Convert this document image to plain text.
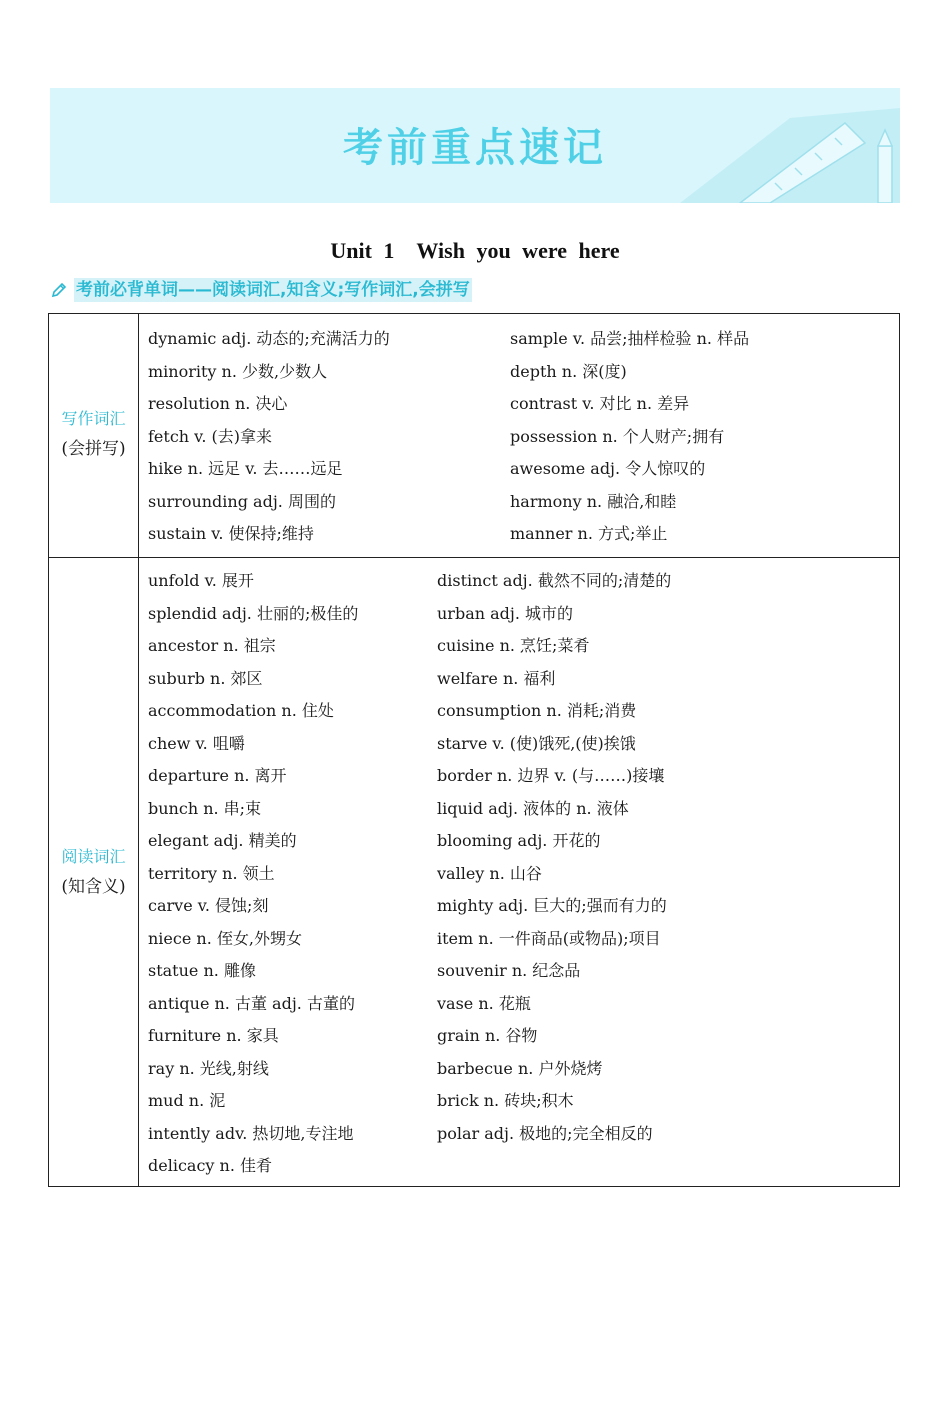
考前重点速记
Unit 1　Wish you were here
考前必背单词——阅读词汇,知含义;写作词汇,会拼写
写作词汇
(会拼写)
阅读词汇
(知含义)
dynamic adj. 动态的;充满活力的
minority n. 少数,少数人
resolution n. 决心
fetch v. (去)拿来
hike n. 远足 v. 去……远足
surrounding adj. 周围的
sustain v. 使保持;维持
sample v. 品尝;抽样检验 n. 样品
depth n. 深(度)
contrast v. 对比 n. 差异
possession n. 个人财产;拥有
awesome adj. 令人惊叹的
harmony n. 融洽,和睦
manner n. 方式;举止
unfold v. 展开
splendid adj. 壮丽的;极佳的
ancestor n. 祖宗
suburb n. 郊区
accommodation n. 住处
chew v. 咀嚼
departure n. 离开
bunch n. 串;束
elegant adj. 精美的
territory n. 领土
carve v. 侵蚀;刻
niece n. 侄女,外甥女
statue n. 雕像
antique n. 古董 adj. 古董的
furniture n. 家具
ray n. 光线,射线
mud n. 泥
intently adv. 热切地,专注地
delicacy n. 佳肴
distinct adj. 截然不同的;清楚的
urban adj. 城市的
cuisine n. 烹饪;菜肴
welfare n. 福利
consumption n. 消耗;消费
starve v. (使)饿死,(使)挨饿
border n. 边界 v. (与……)接壤
liquid adj. 液体的 n. 液体
blooming adj. 开花的
valley n. 山谷
mighty adj. 巨大的;强而有力的
item n. 一件商品(或物品);项目
souvenir n. 纪念品
vase n. 花瓶
grain n. 谷物
barbecue n. 户外烧烤
brick n. 砖块;积木
polar adj. 极地的;完全相反的
